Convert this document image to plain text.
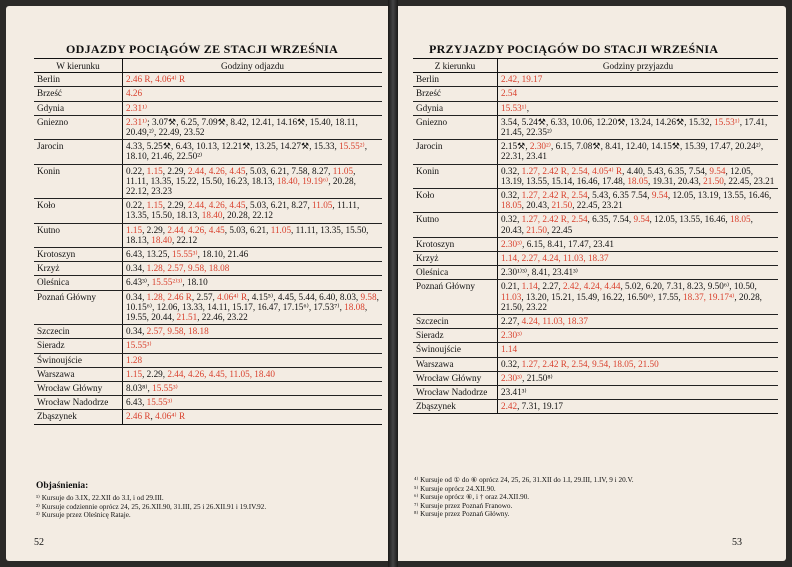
ODJAZDY POCIĄGÓW ZE STACJI WRZEŚNIA
W kierunku	Godziny odjazdu
Berlin	2.46 R, 4.06⁴⁾ R
Brześć	4.26
Gdynia	2.31¹⁾
Gniezno	2.31¹⁾; 3.07⚒, 6.25, 7.09⚒, 8.42, 12.41, 14.16⚒, 15.40, 18.11, 20.49,²⁾, 22.49, 23.52
Jarocin	4.33, 5.25⚒, 6.43, 10.13, 12.21⚒, 13.25, 14.27⚒, 15.33, 15.55²⁾, 18.10, 21.46, 22.50²⁾
Konin	0.22, 1.15, 2.29, 2.44, 4.26, 4.45, 5.03, 6.21, 7.58, 8.27, 11.05, 11.11, 13.35, 15.22, 15.50, 16.23, 18.13, 18.40, 19.19⁶⁾, 20.28, 22.12, 23.23
Koło	0.22, 1.15, 2.29, 2.44, 4.26, 4.45, 5.03, 6.21, 8.27, 11.05, 11.11, 13.35, 15.50, 18.13, 18.40, 20.28, 22.12
Kutno	1.15, 2.29, 2.44, 4.26, 4.45, 5.03, 6.21, 11.05, 11.11, 13.35, 15.50, 18.13, 18.40, 22.12
Krotoszyn	6.43, 13.25, 15.55³⁾, 18.10, 21.46
Krzyż	0.34, 1.28, 2.57, 9.58, 18.08
Oleśnica	6.43³⁾, 15.55²⁾³⁾, 18.10
Poznań Główny	0.34, 1.28, 2.46 R, 2.57, 4.06⁴⁾ R, 4.15⁵⁾, 4.45, 5.44, 6.40, 8.03, 9.58, 10.15⁶⁾, 12.06, 13.33, 14.11, 15.17, 16.47, 17.15⁶⁾, 17.53⁷⁾, 18.08, 19.55, 20.44, 21.51, 22.46, 23.22
Szczecin	0.34, 2.57, 9.58, 18.18
Sieradz	15.55³⁾
Świnoujście	1.28
Warszawa	1.15, 2.29, 2.44, 4.26, 4.45, 11.05, 18.40
Wrocław Główny	8.03⁸⁾, 15.55³⁾
Wrocław Nadodrze	6.43, 15.55³⁾
Zbąszynek	2.46 R, 4.06⁴⁾ R
Objaśnienia:
¹⁾ Kursuje do 3.IX, 22.XII do 3.I, i od 29.III.
²⁾ Kursuje codziennie oprócz 24, 25, 26.XII.90, 31.III, 25 i 26.XII.91 i 19.IV.92.
³⁾ Kursuje przez Oleśnicę Rataje.
52
PRZYJAZDY POCIĄGÓW DO STACJI WRZEŚNIA
Z kierunku	Godziny przyjazdu
Berlin	2.42, 19.17
Brześć	2.54
Gdynia	15.53¹⁾,
Gniezno	3.54, 5.24⚒, 6.33, 10.06, 12.20⚒, 13.24, 14.26⚒, 15.32, 15.53¹⁾, 17.41, 21.45, 22.35²⁾
Jarocin	2.15⚒, 2.30²⁾, 6.15, 7.08⚒, 8.41, 12.40, 14.15⚒, 15.39, 17.47, 20.24²⁾, 22.31, 23.41
Konin	0.32, 1.27, 2.42 R, 2.54, 4.05⁴⁾ R, 4.40, 5.43, 6.35, 7.54, 9.54, 12.05, 13.19, 13.55, 15.14, 16.46, 17.48, 18.05, 19.31, 20.43, 21.50, 22.45, 23.21
Koło	0.32, 1.27, 2.42 R, 2.54, 5.43, 6.35 7.54, 9.54, 12.05, 13.19, 13.55, 16.46, 18.05, 20.43, 21.50, 22.45, 23.21
Kutno	0.32, 1.27, 2.42 R, 2.54, 6.35, 7.54, 9.54, 12.05, 13.55, 16.46, 18.05, 20.43, 21.50, 22.45
Krotoszyn	2.30³⁾, 6.15, 8.41, 17.47, 23.41
Krzyż	1.14, 2.27, 4.24, 11.03, 18.37
Oleśnica	2.30¹⁾³⁾, 8.41, 23.41³⁾
Poznań Główny	0.21, 1.14, 2.27, 2.42, 4.24, 4.44, 5.02, 6.20, 7.31, 8.23, 9.50⁶⁾, 10.50, 11.03, 13.20, 15.21, 15.49, 16.22, 16.50⁶⁾, 17.55, 18.37, 19.17⁴⁾, 20.28, 21.50, 23.22
Szczecin	2.27, 4.24, 11.03, 18.37
Sieradz	2.30³⁾
Świnoujście	1.14
Warszawa	0.32, 1.27, 2.42 R, 2.54, 9.54, 18.05, 21.50
Wrocław Główny	2.30³⁾, 21.50⁸⁾
Wrocław Nadodrze	23.41³⁾
Zbąszynek	2.42, 7.31, 19.17
⁴⁾ Kursuje od ① do ⑥ oprócz 24, 25, 26, 31.XII do 1.I, 29.III, 1.IV, 9 i 20.V.
⁵⁾ Kursuje oprócz 24.XII.90.
⁶⁾ Kursuje oprócz ⑥, i † oraz 24.XII.90.
⁷⁾ Kursuje przez Poznań Franowo.
⁸⁾ Kursuje przez Poznań Główny.
53
